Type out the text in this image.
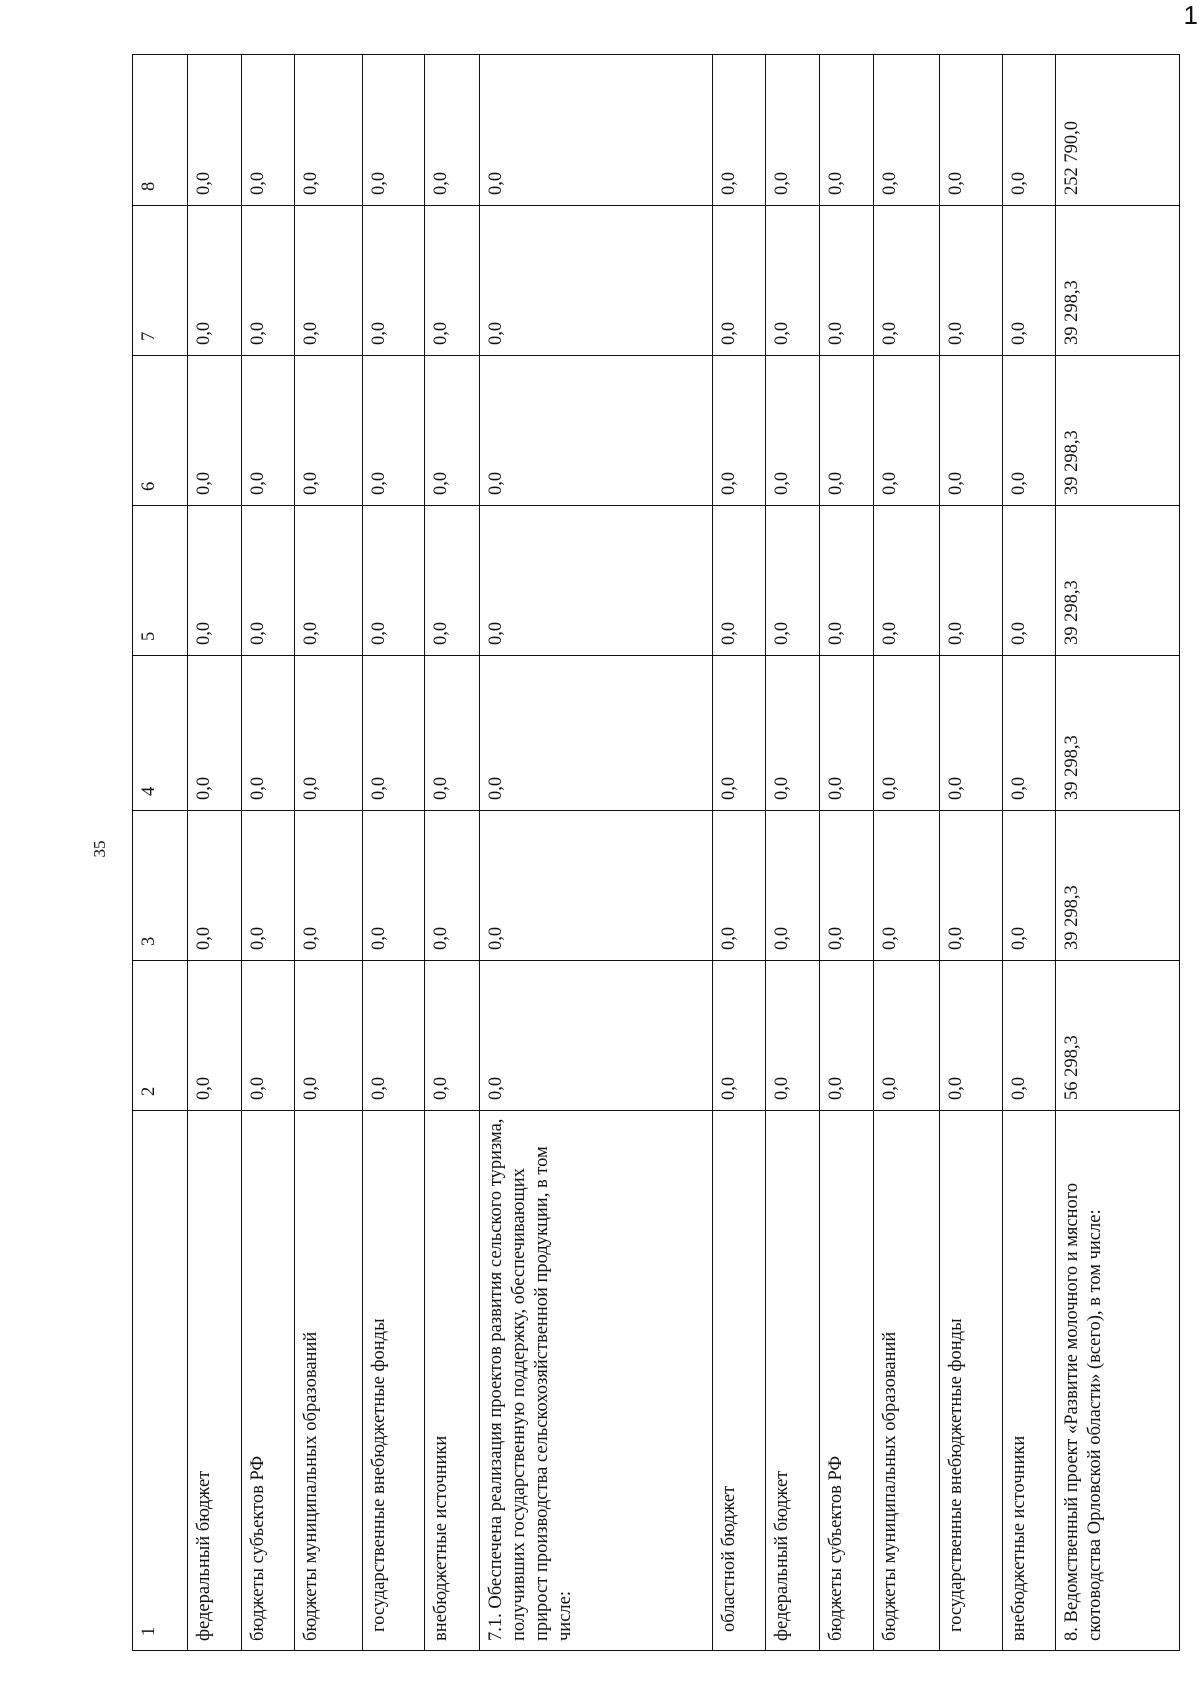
1
35
1	2	3	4	5	6	7	8
федеральный бюджет	0,0	0,0	0,0	0,0	0,0	0,0	0,0
бюджеты субъектов РФ	0,0	0,0	0,0	0,0	0,0	0,0	0,0
бюджеты муниципальных образований	0,0	0,0	0,0	0,0	0,0	0,0	0,0
государственные внебюджетные фонды	0,0	0,0	0,0	0,0	0,0	0,0	0,0
внебюджетные источники	0,0	0,0	0,0	0,0	0,0	0,0	0,0
7.1. Обеспечена реализация проектов развития сельского туризма, получивших государственную поддержку, обеспечивающих прирост производства сельскохозяйственной продукции, в том числе:	0,0	0,0	0,0	0,0	0,0	0,0	0,0
областной бюджет	0,0	0,0	0,0	0,0	0,0	0,0	0,0
федеральный бюджет	0,0	0,0	0,0	0,0	0,0	0,0	0,0
бюджеты субъектов РФ	0,0	0,0	0,0	0,0	0,0	0,0	0,0
бюджеты муниципальных образований	0,0	0,0	0,0	0,0	0,0	0,0	0,0
государственные внебюджетные фонды	0,0	0,0	0,0	0,0	0,0	0,0	0,0
внебюджетные источники	0,0	0,0	0,0	0,0	0,0	0,0	0,0
8. Ведомственный проект «Развитие молочного и мясного скотоводства Орловской области» (всего), в том числе:	56 298,3	39 298,3	39 298,3	39 298,3	39 298,3	39 298,3	252 790,0
